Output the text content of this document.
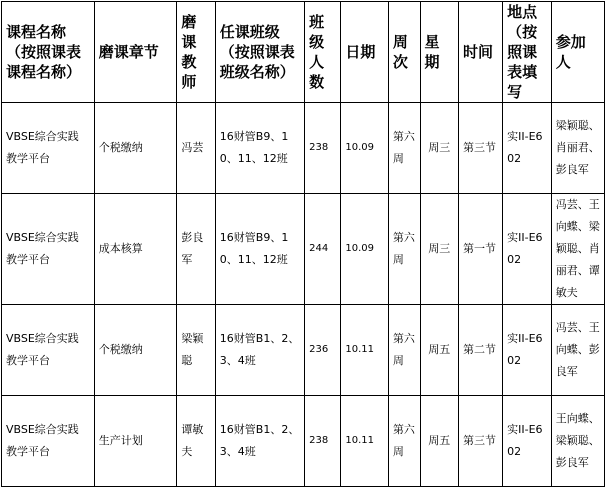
课程名称（按照课表课程名称）	磨课章节	磨课教师	任课班级（按照课表班级名称）	班级人数	日期	周次	星期	时间	地点（按照课表填写	参加人
VBSE综合实践教学平台	个税缴纳	冯芸	16财管B9、10、11、12班	238	10.09	第六周	周三	第三节	实II-E602	梁颖聪、肖丽君、彭良军
VBSE综合实践教学平台	成本核算	彭良军	16财管B9、10、11、12班	244	10.09	第六周	周三	第一节	实II-E602	冯芸、王向蝶、梁颖聪、肖丽君、谭敏夫
VBSE综合实践教学平台	个税缴纳	梁颖聪	16财管B1、2、3、4班	236	10.11	第六周	周五	第二节	实II-E602	冯芸、王向蝶、彭良军
VBSE综合实践教学平台	生产计划	谭敏夫	16财管B1、2、3、4班	238	10.11	第六周	周五	第三节	实II-E602	王向蝶、梁颖聪、彭良军
